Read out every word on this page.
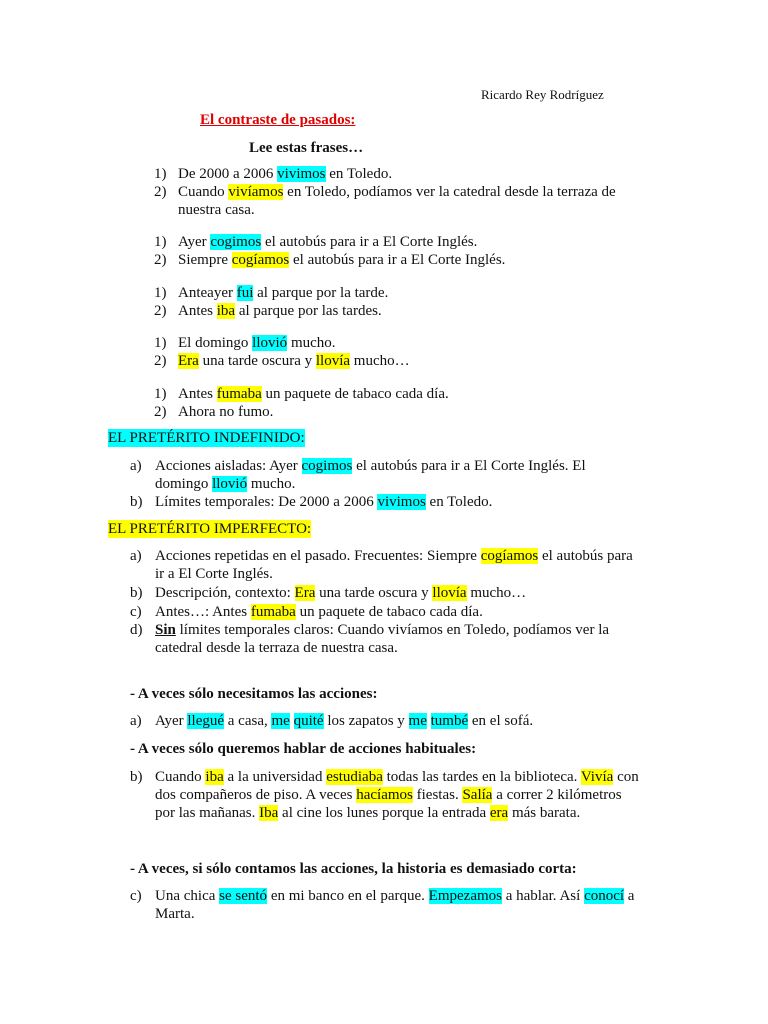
Ricardo Rey Rodríguez
El contraste de pasados:
Lee estas frases…
1) De 2000 a 2006 vivimos en Toledo.
2) Cuando vivíamos en Toledo, podíamos ver la catedral desde la terraza de
nuestra casa.
1) Ayer cogimos el autobús para ir a El Corte Inglés.
2) Siempre cogíamos el autobús para ir a El Corte Inglés.
1) Anteayer fui al parque por la tarde.
2) Antes iba al parque por las tardes.
1) El domingo llovió mucho.
2) Era una tarde oscura y llovía mucho…
1) Antes fumaba un paquete de tabaco cada día.
2) Ahora no fumo.
EL PRETÉRITO INDEFINIDO:
a) Acciones aisladas: Ayer cogimos el autobús para ir a El Corte Inglés. El
domingo llovió mucho.
b) Límites temporales: De 2000 a 2006 vivimos en Toledo.
EL PRETÉRITO IMPERFECTO:
a) Acciones repetidas en el pasado. Frecuentes: Siempre cogíamos el autobús para
ir a El Corte Inglés.
b) Descripción, contexto: Era una tarde oscura y llovía mucho…
c) Antes…: Antes fumaba un paquete de tabaco cada día.
d) Sin límites temporales claros: Cuando vivíamos en Toledo, podíamos ver la
catedral desde la terraza de nuestra casa.
- A veces sólo necesitamos las acciones:
a) Ayer llegué a casa, me quité los zapatos y me tumbé en el sofá.
- A veces sólo queremos hablar de acciones habituales:
b) Cuando iba a la universidad estudiaba todas las tardes en la biblioteca. Vivía con
dos compañeros de piso. A veces hacíamos fiestas. Salía a correr 2 kilómetros
por las mañanas. Iba al cine los lunes porque la entrada era más barata.
- A veces, si sólo contamos las acciones, la historia es demasiado corta:
c) Una chica se sentó en mi banco en el parque. Empezamos a hablar. Así conocí a
Marta.
